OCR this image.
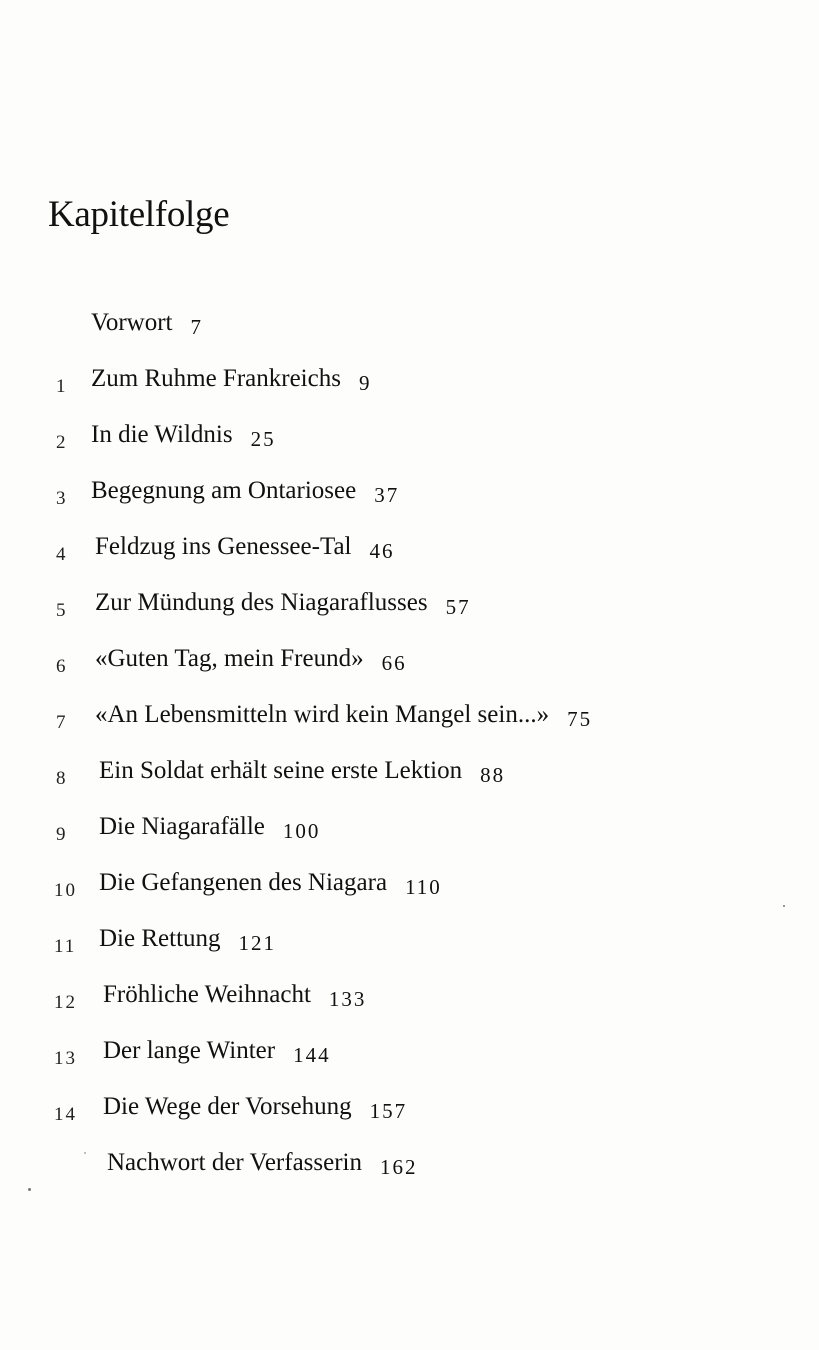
Kapitelfolge
Vorwort 7
1 Zum Ruhme Frankreichs 9
2 In die Wildnis 25
3 Begegnung am Ontariosee 37
4 Feldzug ins Genessee-Tal 46
5 Zur Mündung des Niagaraflusses 57
6 «Guten Tag, mein Freund» 66
7 «An Lebensmitteln wird kein Mangel sein...» 75
8 Ein Soldat erhält seine erste Lektion 88
9 Die Niagarafälle 100
10 Die Gefangenen des Niagara 110
11 Die Rettung 121
12 Fröhliche Weihnacht 133
13 Der lange Winter 144
14 Die Wege der Vorsehung 157
Nachwort der Verfasserin 162
